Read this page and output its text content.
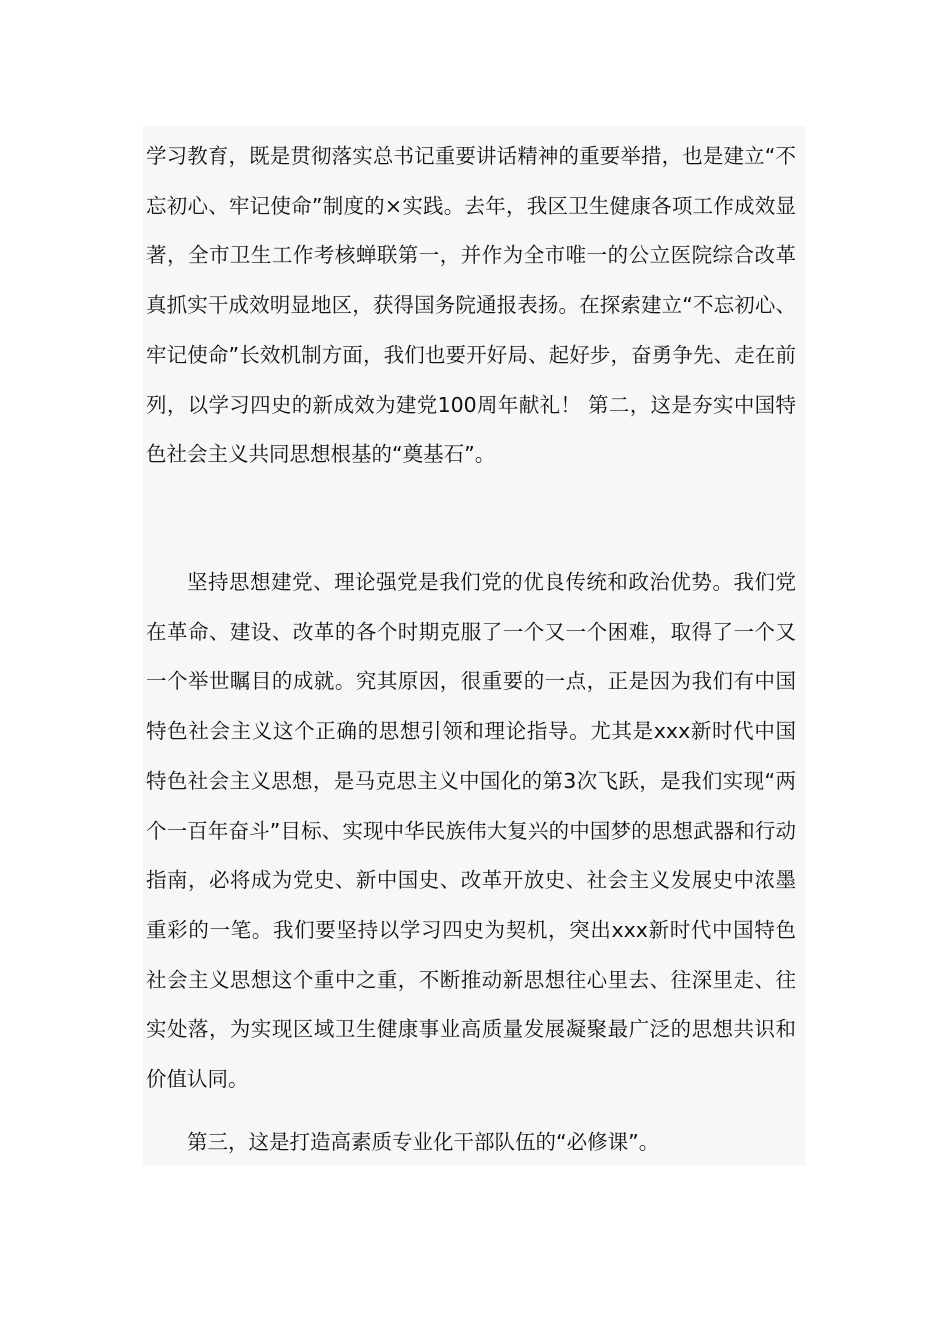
学习教育，既是贯彻落实总书记重要讲话精神的重要举措，也是建立“不忘初心、牢记使命”制度的×实践。去年，我区卫生健康各项工作成效显著，全市卫生工作考核蝉联第一，并作为全市唯一的公立医院综合改革真抓实干成效明显地区，获得国务院通报表扬。在探索建立“不忘初心、牢记使命”长效机制方面，我们也要开好局、起好步，奋勇争先、走在前列，以学习四史的新成效为建党100周年献礼！ 第二，这是夯实中国特色社会主义共同思想根基的“奠基石”。

坚持思想建党、理论强党是我们党的优良传统和政治优势。我们党在革命、建设、改革的各个时期克服了一个又一个困难，取得了一个又一个举世瞩目的成就。究其原因，很重要的一点，正是因为我们有中国特色社会主义这个正确的思想引领和理论指导。尤其是xxx新时代中国特色社会主义思想，是马克思主义中国化的第3次飞跃，是我们实现“两个一百年奋斗”目标、实现中华民族伟大复兴的中国梦的思想武器和行动指南，必将成为党史、新中国史、改革开放史、社会主义发展史中浓墨重彩的一笔。我们要坚持以学习四史为契机，突出xxx新时代中国特色社会主义思想这个重中之重，不断推动新思想往心里去、往深里走、往实处落，为实现区域卫生健康事业高质量发展凝聚最广泛的思想共识和价值认同。

第三，这是打造高素质专业化干部队伍的“必修课”。
